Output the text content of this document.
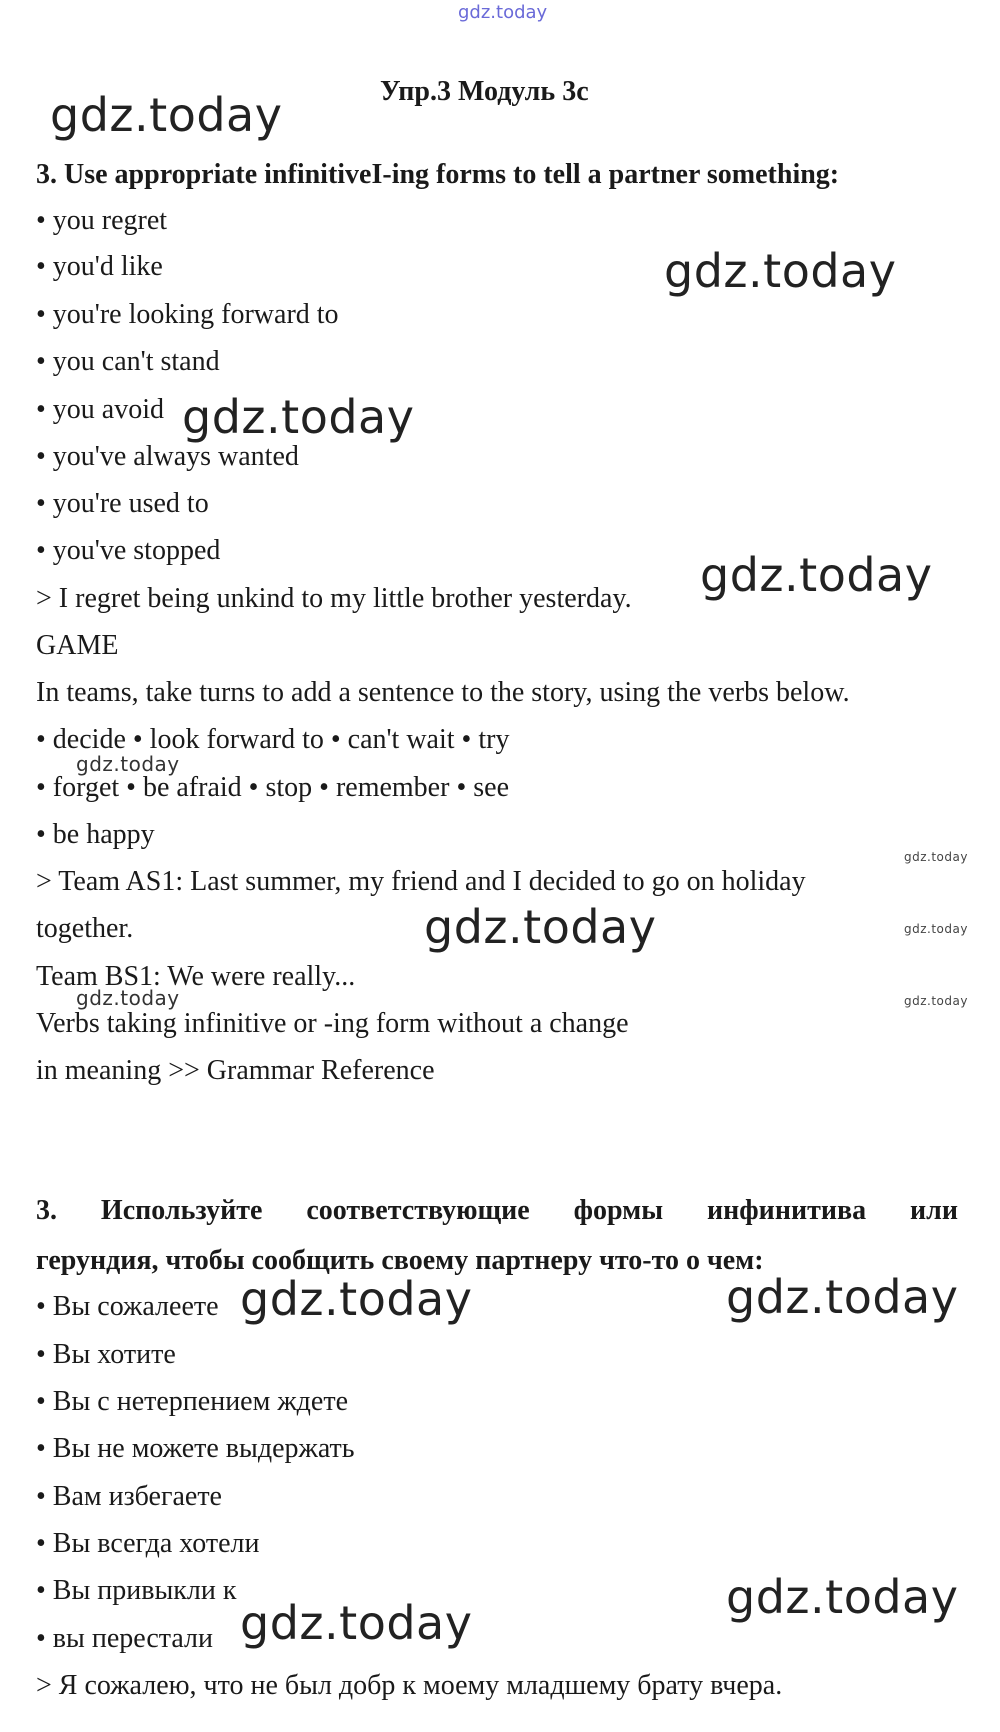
gdz.today
gdz.today
gdz.today
gdz.today
gdz.today
gdz.today
gdz.today
gdz.today	gdz.today
gdz.today	gdz.today
gdz.today	gdz.today
gdz.today
gdz.today
Упр.3 Модуль 3с
3. Use appropriate infinitiveI-ing forms to tell a partner something:
• you regret
• you'd like
• you're looking forward to
• you can't stand
• you avoid
• you've always wanted
• you're used to
• you've stopped
> I regret being unkind to my little brother yesterday.
GAME
In teams, take turns to add a sentence to the story, using the verbs below.
• decide • look forward to • can't wait • try
• forget • be afraid • stop • remember • see
• be happy
> Team AS1: Last summer, my friend and I decided to go on holiday
together.
Team BS1: We were really...
Verbs taking infinitive or -ing form without a change
in meaning >> Grammar Reference
3. Используйте соответствующие формы инфинитива или
герундия, чтобы сообщить своему партнеру что-то о чем:
• Вы сожалеете
• Вы хотите
• Вы с нетерпением ждете
• Вы не можете выдержать
• Вам избегаете
• Вы всегда хотели
• Вы привыкли к
• вы перестали
> Я сожалею, что не был добр к моему младшему брату вчера.
